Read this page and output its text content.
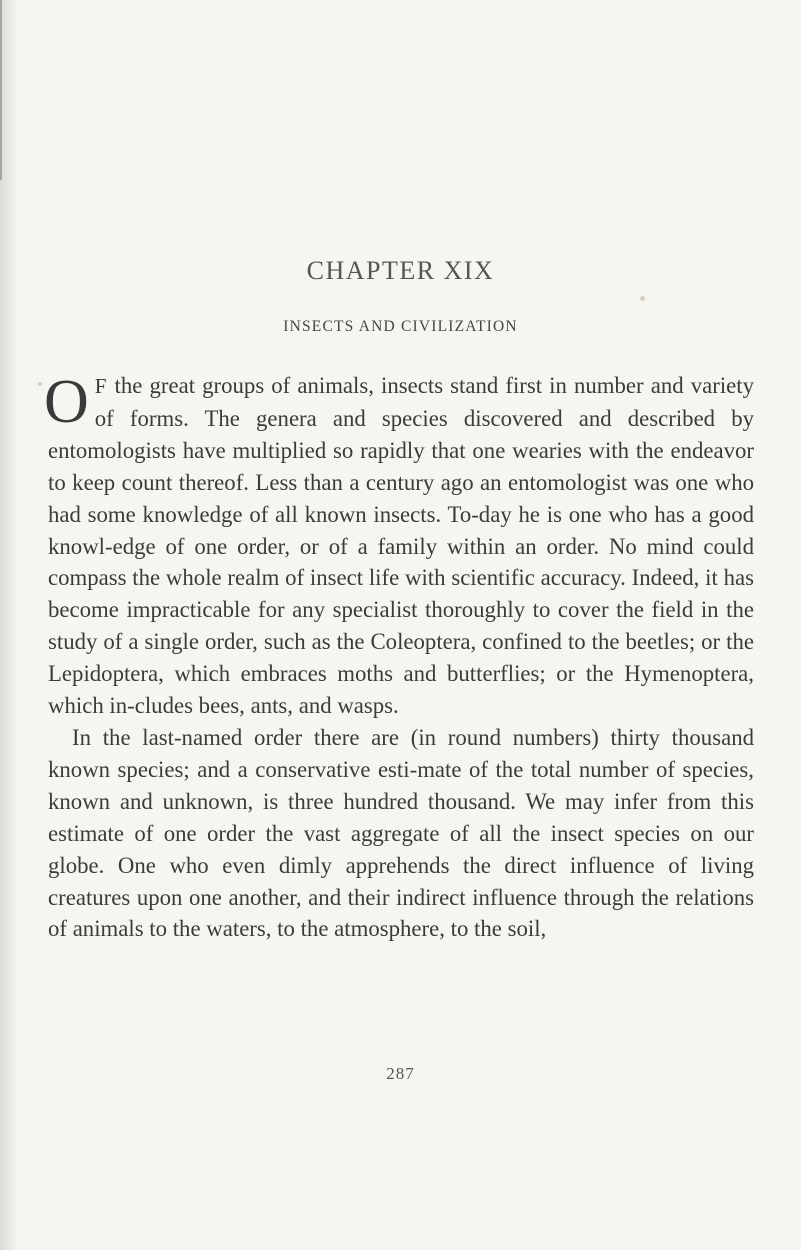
CHAPTER XIX
INSECTS AND CIVILIZATION

O F the great groups of animals, insects stand first in number and variety of forms. The genera and species discovered and described by entomologists have multiplied so rapidly that one wearies with the endeavor to keep count thereof. Less than a century ago an entomologist was one who had some knowledge of all known insects. To-day he is one who has a good knowl-edge of one order, or of a family within an order. No mind could compass the whole realm of insect life with scientific accuracy. Indeed, it has become impracticable for any specialist thoroughly to cover the field in the study of a single order, such as the Coleoptera, confined to the beetles; or the Lepidoptera, which embraces moths and butterflies; or the Hymenoptera, which in-cludes bees, ants, and wasps.

In the last-named order there are (in round numbers) thirty thousand known species; and a conservative esti-mate of the total number of species, known and unknown, is three hundred thousand. We may infer from this estimate of one order the vast aggregate of all the insect species on our globe. One who even dimly apprehends the direct influence of living creatures upon one another, and their indirect influence through the relations of animals to the waters, to the atmosphere, to the soil,

287
